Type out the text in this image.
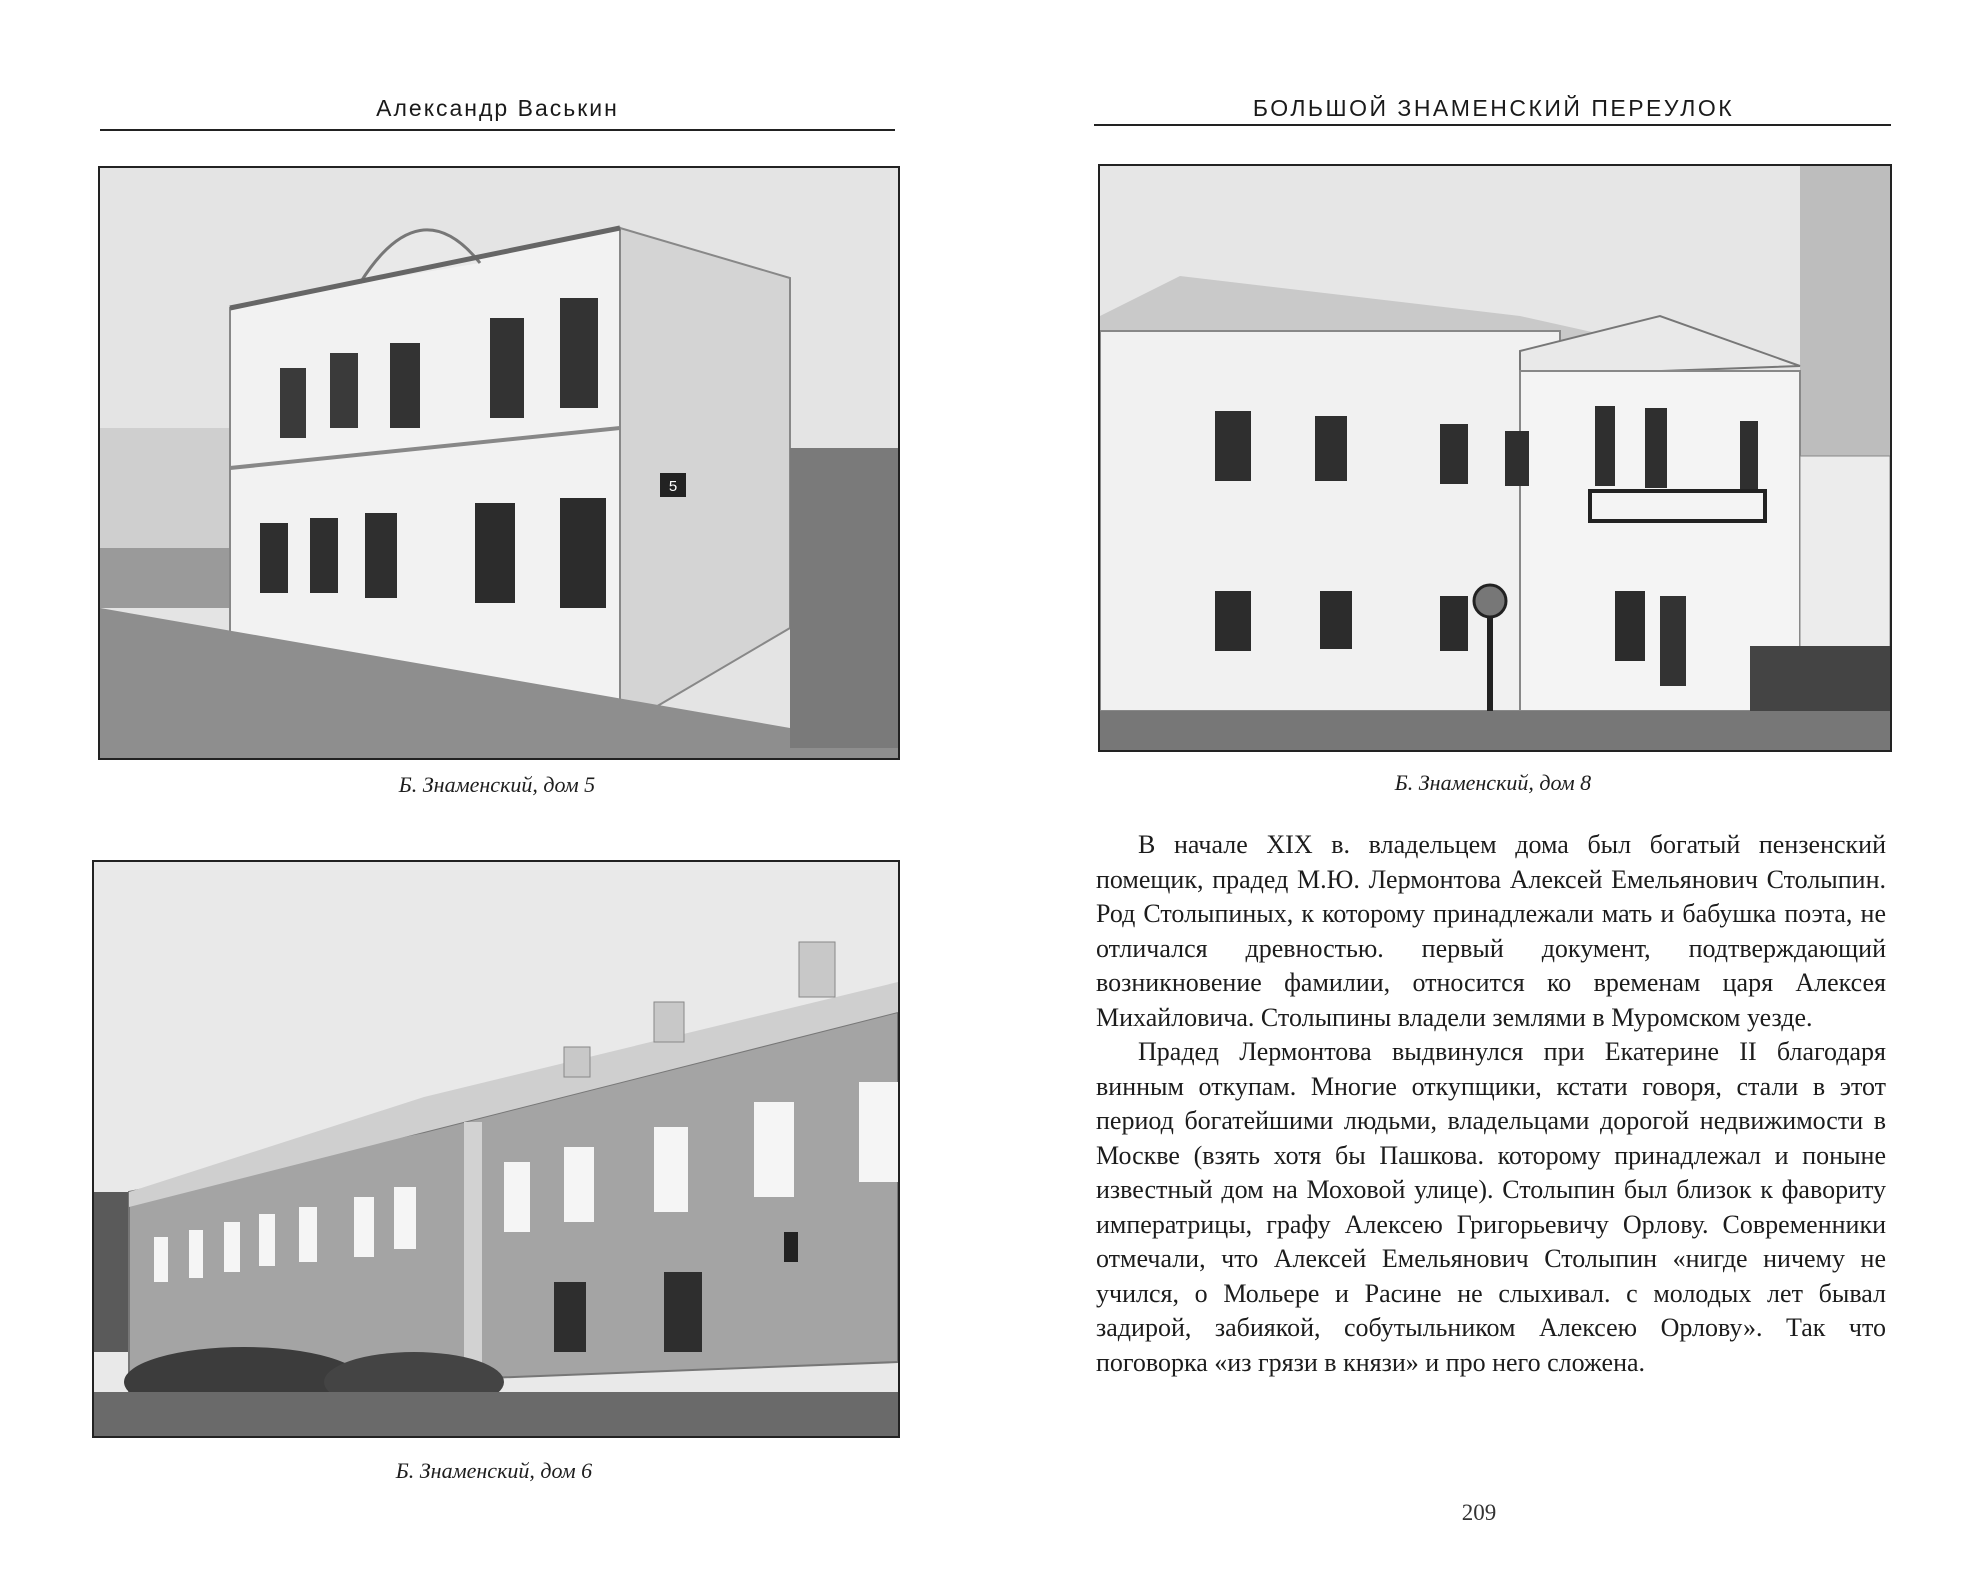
Александр Васькин
5
Б. Знаменский, дом 5
Б. Знаменский, дом 6
БОЛЬШОЙ ЗНАМЕНСКИЙ ПЕРЕУЛОК
Б. Знаменский, дом 8

В начале XIX в. владельцем дома был богатый пензенский помещик, прадед М.Ю. Лермонтова Алексей Емельянович Столыпин. Род Столыпиных, к которому принадлежали мать и бабушка поэта, не отличался древностью. первый документ, подтверждающий возникновение фамилии, относится ко временам царя Алексея Михайловича. Столыпины владели землями в Муромском уезде.

Прадед Лермонтова выдвинулся при Екатерине II благодаря винным откупам. Многие откупщики, кстати говоря, стали в этот период богатейшими людьми, владельцами дорогой недвижимости в Москве (взять хотя бы Пашкова. которому принадлежал и поныне известный дом на Моховой улице). Столыпин был близок к фавориту императрицы, графу Алексею Григорьевичу Орлову. Современники отмечали, что Алексей Емельянович Столыпин «нигде ничему не учился, о Мольере и Расине не слыхивал. с молодых лет бывал задирой, забиякой, собутыльником Алексею Орлову». Так что поговорка «из грязи в князи» и про него сложена.

209
